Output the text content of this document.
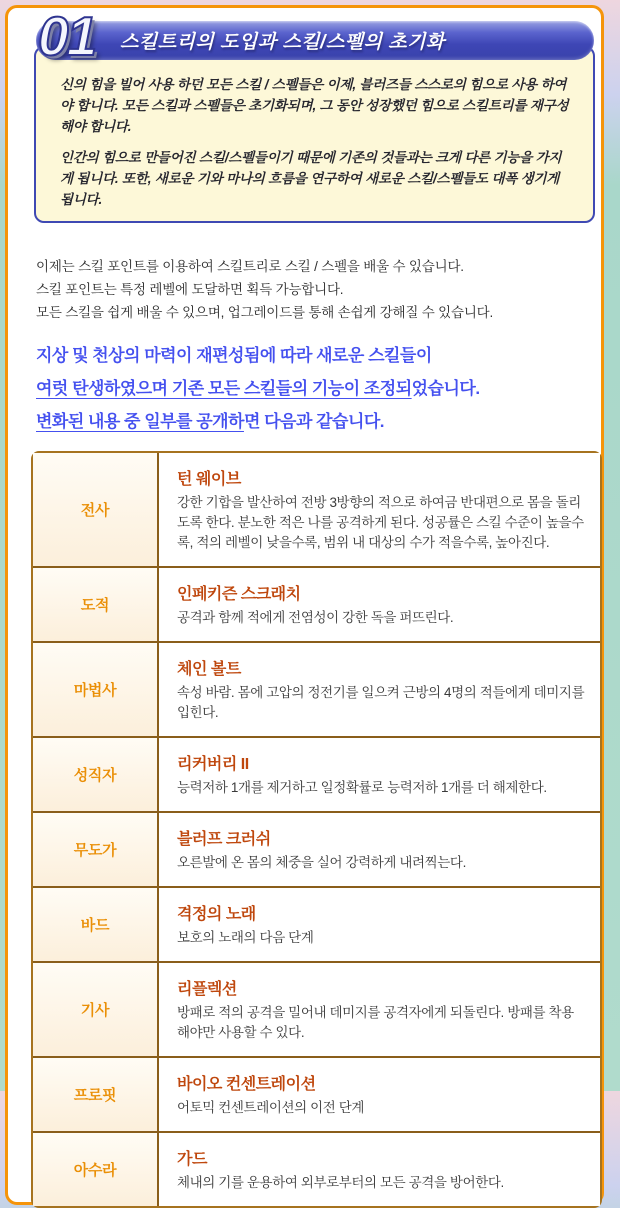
01 스킬트리의 도입과 스킬/스펠의 초기화

신의 힘을 빌어 사용 하던 모든 스킬 / 스펠들은 이제, 블러즈들 스스로의 힘으로 사용 하여야 합니다. 모든 스킬과 스펠들은 초기화되며, 그 동안 성장했던 힘으로 스킬트리를 재구성 해야 합니다.

인간의 힘으로 만들어진 스킬/스펠들이기 때문에 기존의 것들과는 크게 다른 기능을 가지게 됩니다. 또한, 새로운 기와 마나의 흐름을 연구하여 새로운 스킬/스펠들도 대폭 생기게 됩니다.

이제는 스킬 포인트를 이용하여 스킬트리로 스킬 / 스펠을 배울 수 있습니다.

스킬 포인트는 특정 레벨에 도달하면 획득 가능합니다.

모든 스킬을 쉽게 배울 수 있으며, 업그레이드를 통해 손쉽게 강해질 수 있습니다.

지상 및 천상의 마력이 재편성됨에 따라 새로운 스킬들이

여럿 탄생하였으며 기존 모든 스킬들의 기능이 조정되었습니다.

변화된 내용 중 일부를 공개하면 다음과 같습니다.

전사
턴 웨이브
강한 기합을 발산하여 전방 3방향의 적으로 하여금 반대편으로 몸을 돌리도록 한다. 분노한 적은 나를 공격하게 된다. 성공률은 스킬 수준이 높을수록, 적의 레벨이 낮을수록, 범위 내 대상의 수가 적을수록, 높아진다.
도적
인페키즌 스크래치
공격과 함께 적에게 전염성이 강한 독을 퍼뜨린다.
마법사
체인 볼트
속성 바람. 몸에 고압의 정전기를 일으켜 근방의 4명의 적들에게 데미지를 입힌다.
성직자
리커버리 II
능력저하 1개를 제거하고 일정확률로 능력저하 1개를 더 해제한다.
무도가
블러프 크러쉬
오른발에 온 몸의 체중을 실어 강력하게 내려찍는다.
바드
격정의 노래
보호의 노래의 다음 단계
기사
리플렉션
방패로 적의 공격을 밀어내 데미지를 공격자에게 되돌린다. 방패를 착용해야만 사용할 수 있다.
프로핏
바이오 컨센트레이션
어토믹 컨센트레이션의 이전 단계
아수라
가드
체내의 기를 운용하여 외부로부터의 모든 공격을 방어한다.
